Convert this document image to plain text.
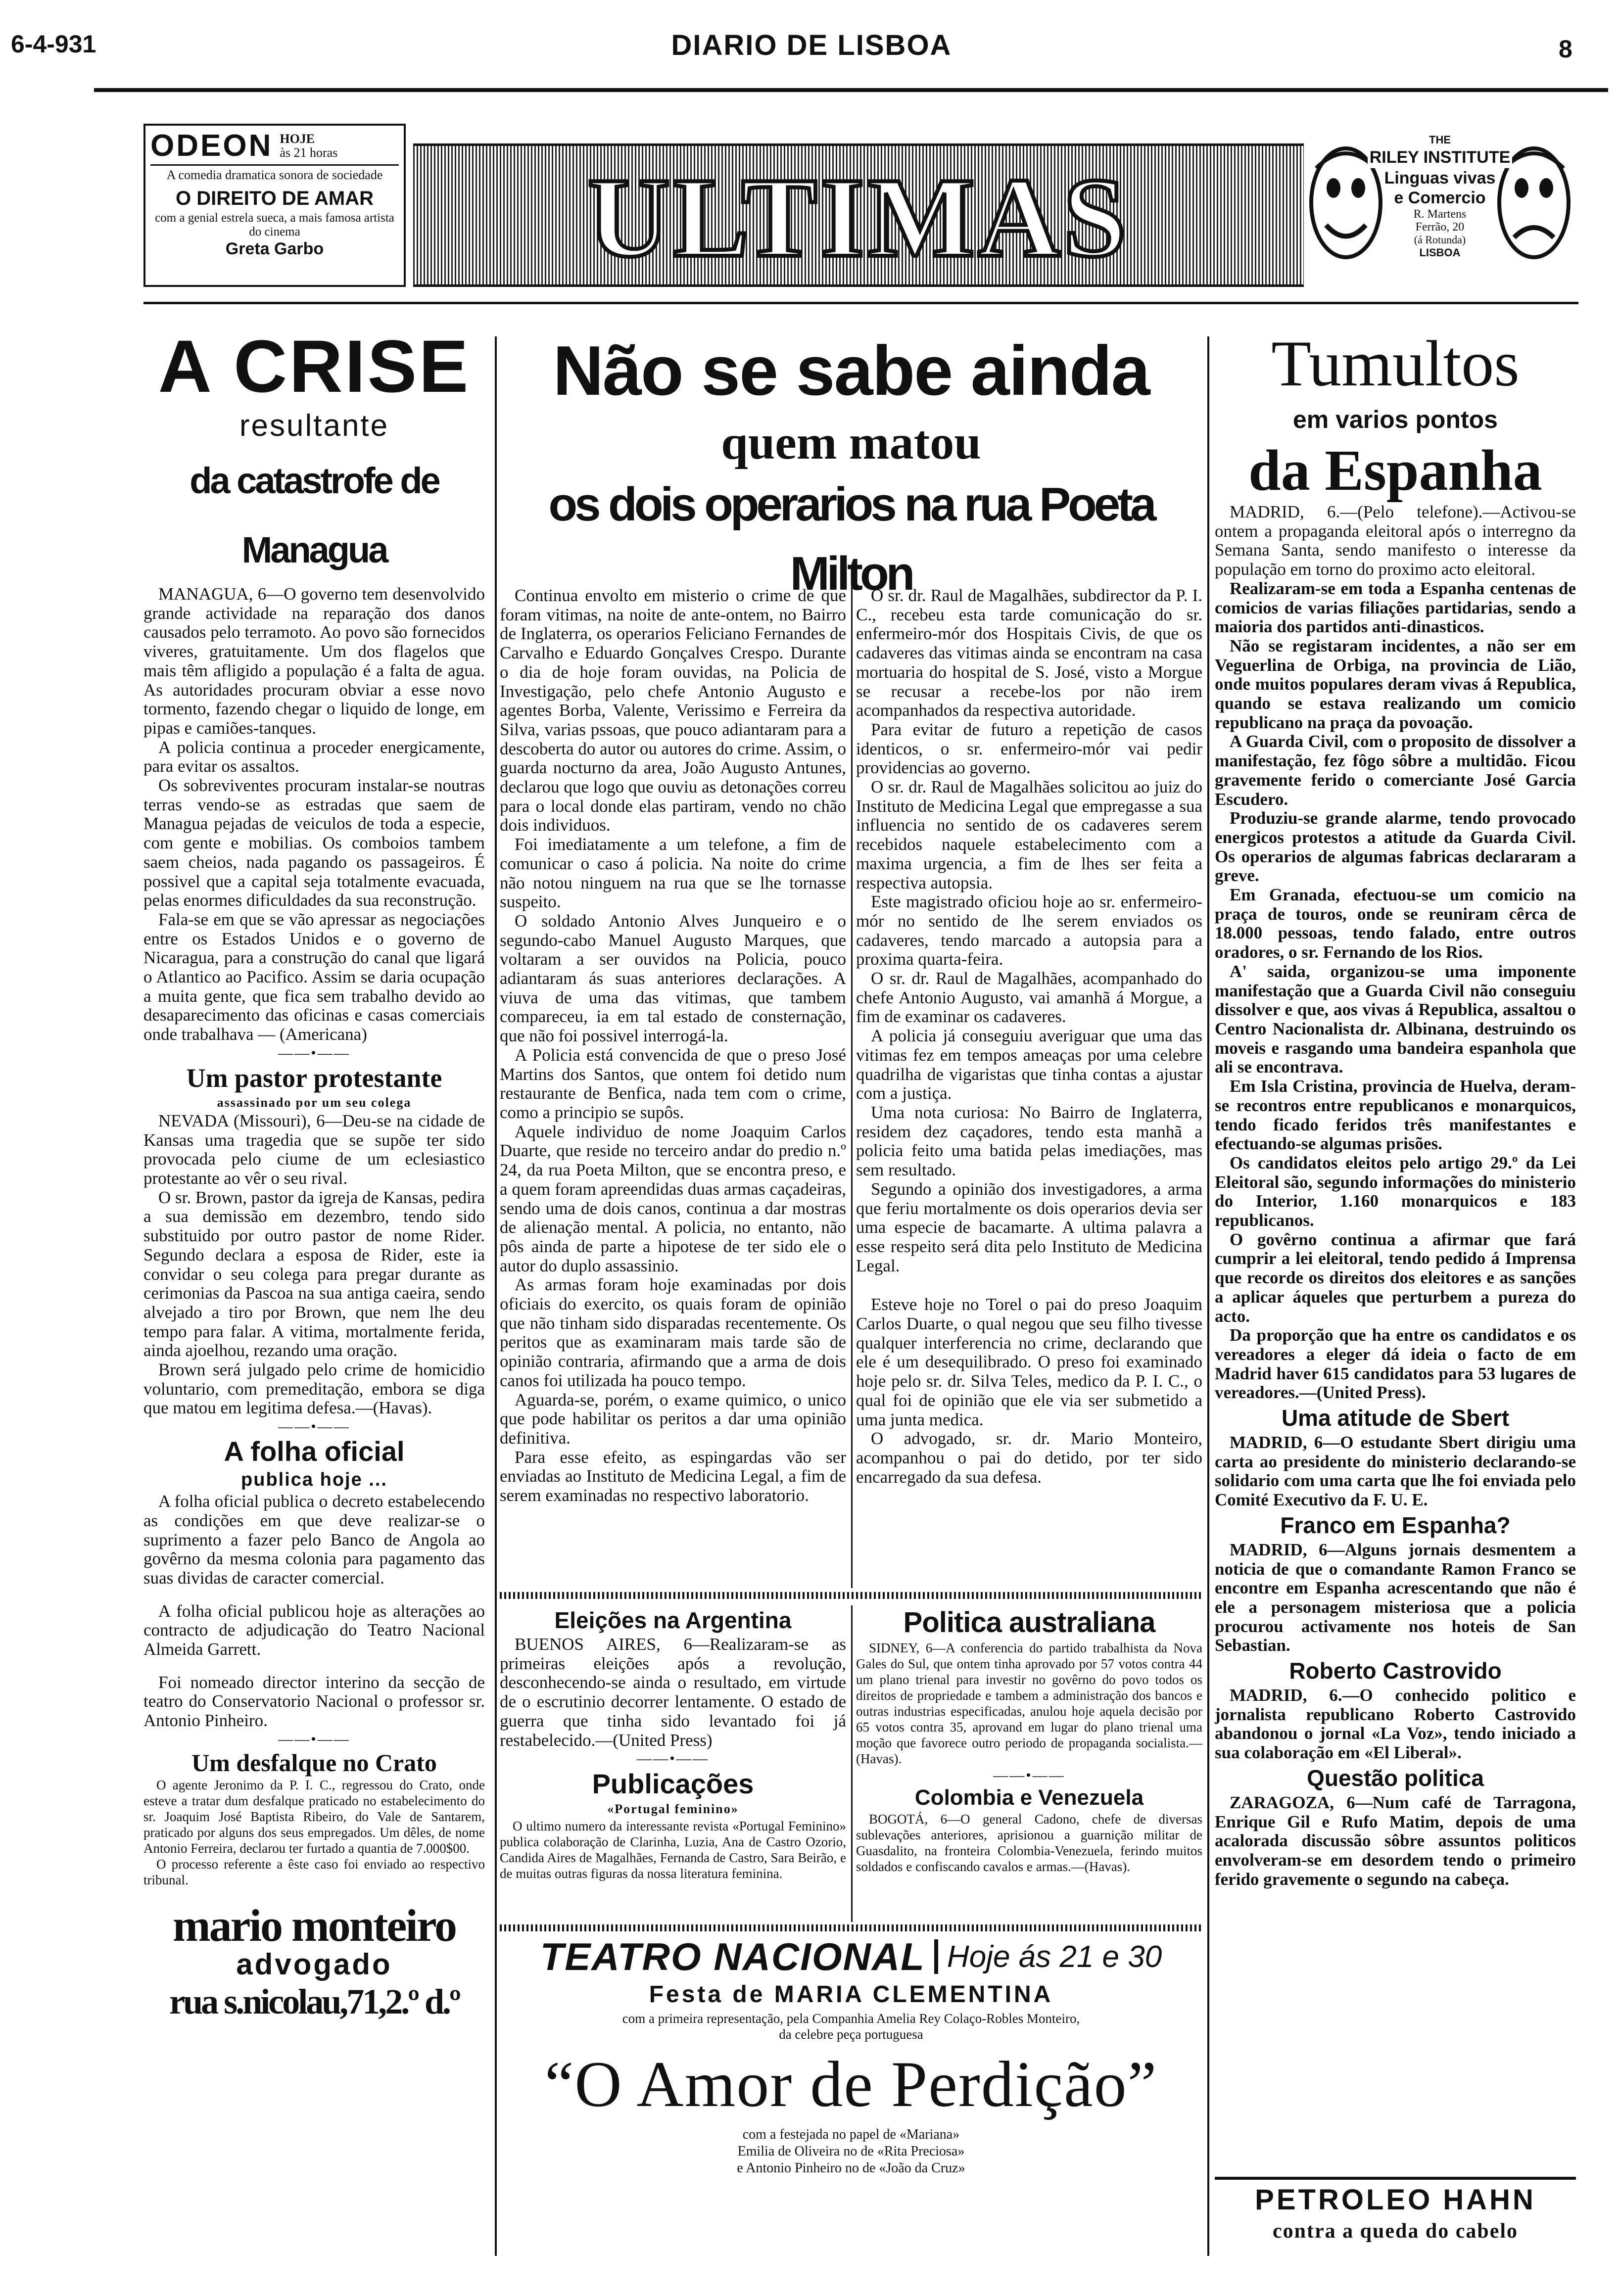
6-4-931	DIARIO DE LISBOA	8
ODEON HOJE
às 21 horas
A comedia dramatica sonora de sociedade
O DIREITO DE AMAR
com a genial estrela sueca, a mais famosa artista do cinema
Greta Garbo	ULTIMAS
THE
RILEY INSTITUTE
Linguas vivas
e Comercio
R. Martens
Ferrão, 20
(á Rotunda)
LISBOA
A CRISE
resultante
da catastrofe de Managua

MANAGUA, 6—O governo tem desenvolvido grande actividade na reparação dos danos causados pelo terramoto. Ao povo são fornecidos viveres, gratuitamente. Um dos flagelos que mais têm afligido a população é a falta de agua. As autoridades procuram obviar a esse novo tormento, fazendo chegar o liquido de longe, em pipas e camiões-tanques.

A policia continua a proceder energicamente, para evitar os assaltos.

Os sobreviventes procuram instalar-se noutras terras vendo-se as estradas que saem de Managua pejadas de veiculos de toda a especie, com gente e mobilias. Os comboios tambem saem cheios, nada pagando os passageiros. É possivel que a capital seja totalmente evacuada, pelas enormes dificuldades da sua reconstrução.

Fala-se em que se vão apressar as negociações entre os Estados Unidos e o governo de Nicaragua, para a construção do canal que ligará o Atlantico ao Pacifico. Assim se daria ocupação a muita gente, que fica sem trabalho devido ao desaparecimento das oficinas e casas comerciais onde trabalhava — (Americana)

——•——
Um pastor protestante
assassinado por um seu colega

NEVADA (Missouri), 6—Deu-se na cidade de Kansas uma tragedia que se supõe ter sido provocada pelo ciume de um eclesiastico protestante ao vêr o seu rival.

O sr. Brown, pastor da igreja de Kansas, pedira a sua demissão em dezembro, tendo sido substituido por outro pastor de nome Rider. Segundo declara a esposa de Rider, este ia convidar o seu colega para pregar durante as cerimonias da Pascoa na sua antiga caeira, sendo alvejado a tiro por Brown, que nem lhe deu tempo para falar. A vitima, mortalmente ferida, ainda ajoelhou, rezando uma oração.

Brown será julgado pelo crime de homicidio voluntario, com premeditação, embora se diga que matou em legitima defesa.—(Havas).

——•——
A folha oficial
publica hoje ...

A folha oficial publica o decreto estabelecendo as condições em que deve realizar-se o suprimento a fazer pelo Banco de Angola ao govêrno da mesma colonia para pagamento das suas dividas de caracter comercial.

A folha oficial publicou hoje as alterações ao contracto de adjudicação do Teatro Nacional Almeida Garrett.

Foi nomeado director interino da secção de teatro do Conservatorio Nacional o professor sr. Antonio Pinheiro.

——•——
Um desfalque no Crato

O agente Jeronimo da P. I. C., regressou do Crato, onde esteve a tratar dum desfalque praticado no estabelecimento do sr. Joaquim José Baptista Ribeiro, do Vale de Santarem, praticado por alguns dos seus empregados. Um dêles, de nome Antonio Ferreira, declarou ter furtado a quantia de 7.000$00.

O processo referente a êste caso foi enviado ao respectivo tribunal.

mario monteiro
advogado
rua s.nicolau,71,2.º d.º
Não se sabe ainda
quem matou
os dois operarios na rua Poeta Milton

Continua envolto em misterio o crime de que foram vitimas, na noite de ante-ontem, no Bairro de Inglaterra, os operarios Feliciano Fernandes de Carvalho e Eduardo Gonçalves Crespo. Durante o dia de hoje foram ouvidas, na Policia de Investigação, pelo chefe Antonio Augusto e agentes Borba, Valente, Verissimo e Ferreira da Silva, varias pssoas, que pouco adiantaram para a descoberta do autor ou autores do crime. Assim, o guarda nocturno da area, João Augusto Antunes, declarou que logo que ouviu as detonações correu para o local donde elas partiram, vendo no chão dois individuos.

Foi imediatamente a um telefone, a fim de comunicar o caso á policia. Na noite do crime não notou ninguem na rua que se lhe tornasse suspeito.

O soldado Antonio Alves Junqueiro e o segundo-cabo Manuel Augusto Marques, que voltaram a ser ouvidos na Policia, pouco adiantaram ás suas anteriores declarações. A viuva de uma das vitimas, que tambem compareceu, ia em tal estado de consternação, que não foi possivel interrogá-la.

A Policia está convencida de que o preso José Martins dos Santos, que ontem foi detido num restaurante de Benfica, nada tem com o crime, como a principio se supôs.

Aquele individuo de nome Joaquim Carlos Duarte, que reside no terceiro andar do predio n.º 24, da rua Poeta Milton, que se encontra preso, e a quem foram apreendidas duas armas caçadeiras, sendo uma de dois canos, continua a dar mostras de alienação mental. A policia, no entanto, não pôs ainda de parte a hipotese de ter sido ele o autor do duplo assassinio.

As armas foram hoje examinadas por dois oficiais do exercito, os quais foram de opinião que não tinham sido disparadas recentemente. Os peritos que as examinaram mais tarde são de opinião contraria, afirmando que a arma de dois canos foi utilizada ha pouco tempo.

Aguarda-se, porém, o exame quimico, o unico que pode habilitar os peritos a dar uma opinião definitiva.

Para esse efeito, as espingardas vão ser enviadas ao Instituto de Medicina Legal, a fim de serem examinadas no respectivo laboratorio.

O sr. dr. Raul de Magalhães, subdirector da P. I. C., recebeu esta tarde comunicação do sr. enfermeiro-mór dos Hospitais Civis, de que os cadaveres das vitimas ainda se encontram na casa mortuaria do hospital de S. José, visto a Morgue se recusar a recebe-los por não irem acompanhados da respectiva autoridade.

Para evitar de futuro a repetição de casos identicos, o sr. enfermeiro-mór vai pedir providencias ao governo.

O sr. dr. Raul de Magalhães solicitou ao juiz do Instituto de Medicina Legal que empregasse a sua influencia no sentido de os cadaveres serem recebidos naquele estabelecimento com a maxima urgencia, a fim de lhes ser feita a respectiva autopsia.

Este magistrado oficiou hoje ao sr. enfermeiro-mór no sentido de lhe serem enviados os cadaveres, tendo marcado a autopsia para a proxima quarta-feira.

O sr. dr. Raul de Magalhães, acompanhado do chefe Antonio Augusto, vai amanhã á Morgue, a fim de examinar os cadaveres.

A policia já conseguiu averiguar que uma das vitimas fez em tempos ameaças por uma celebre quadrilha de vigaristas que tinha contas a ajustar com a justiça.

Uma nota curiosa: No Bairro de Inglaterra, residem dez caçadores, tendo esta manhã a policia feito uma batida pelas imediações, mas sem resultado.

Segundo a opinião dos investigadores, a arma que feriu mortalmente os dois operarios devia ser uma especie de bacamarte. A ultima palavra a esse respeito será dita pelo Instituto de Medicina Legal.

Esteve hoje no Torel o pai do preso Joaquim Carlos Duarte, o qual negou que seu filho tivesse qualquer interferencia no crime, declarando que ele é um desequilibrado. O preso foi examinado hoje pelo sr. dr. Silva Teles, medico da P. I. C., o qual foi de opinião que ele via ser submetido a uma junta medica.

O advogado, sr. dr. Mario Monteiro, acompanhou o pai do detido, por ter sido encarregado da sua defesa.

Eleições na Argentina

BUENOS AIRES, 6—Realizaram-se as primeiras eleições após a revolução, desconhecendo-se ainda o resultado, em virtude de o escrutinio decorrer lentamente. O estado de guerra que tinha sido levantado foi já restabelecido.—(United Press)

——•——
Publicações
«Portugal feminino»

O ultimo numero da interessante revista «Portugal Feminino» publica colaboração de Clarinha, Luzia, Ana de Castro Ozorio, Candida Aires de Magalhães, Fernanda de Castro, Sara Beirão, e de muitas outras figuras da nossa literatura feminina.

Politica australiana

SIDNEY, 6—A conferencia do partido trabalhista da Nova Gales do Sul, que ontem tinha aprovado por 57 votos contra 44 um plano trienal para investir no govêrno do povo todos os direitos de propriedade e tambem a administração dos bancos e outras industrias especificadas, anulou hoje aquela decisão por 65 votos contra 35, aprovand em lugar do plano trienal uma moção que favorece outro periodo de propaganda socialista.—(Havas).

——•——
Colombia e Venezuela

BOGOTÁ, 6—O general Cadono, chefe de diversas sublevações anteriores, aprisionou a guarnição militar de Guasdalito, na fronteira Colombia-Venezuela, ferindo muitos soldados e confiscando cavalos e armas.—(Havas).

TEATRO NACIONAL Hoje ás 21 e 30
Festa de MARIA CLEMENTINA
com a primeira representação, pela Companhia Amelia Rey Colaço-Robles Monteiro,
da celebre peça portuguesa
“O Amor de Perdição”
com a festejada no papel de «Mariana»
Emilia de Oliveira no de «Rita Preciosa»
e Antonio Pinheiro no de «João da Cruz»
Tumultos
em varios pontos
da Espanha

MADRID, 6.—(Pelo telefone).—Activou-se ontem a propaganda eleitoral após o interregno da Semana Santa, sendo manifesto o interesse da população em torno do proximo acto eleitoral.

Realizaram-se em toda a Espanha centenas de comicios de varias filiações partidarias, sendo a maioria dos partidos anti-dinasticos.

Não se registaram incidentes, a não ser em Veguerlina de Orbiga, na provincia de Lião, onde muitos populares deram vivas á Republica, quando se estava realizando um comicio republicano na praça da povoação.

A Guarda Civil, com o proposito de dissolver a manifestação, fez fôgo sôbre a multidão. Ficou gravemente ferido o comerciante José Garcia Escudero.

Produziu-se grande alarme, tendo provocado energicos protestos a atitude da Guarda Civil. Os operarios de algumas fabricas declararam a greve.

Em Granada, efectuou-se um comicio na praça de touros, onde se reuniram cêrca de 18.000 pessoas, tendo falado, entre outros oradores, o sr. Fernando de los Rios.

A' saida, organizou-se uma imponente manifestação que a Guarda Civil não conseguiu dissolver e que, aos vivas á Republica, assaltou o Centro Nacionalista dr. Albinana, destruindo os moveis e rasgando uma bandeira espanhola que ali se encontrava.

Em Isla Cristina, provincia de Huelva, deram-se recontros entre republicanos e monarquicos, tendo ficado feridos três manifestantes e efectuando-se algumas prisões.

Os candidatos eleitos pelo artigo 29.º da Lei Eleitoral são, segundo informações do ministerio do Interior, 1.160 monarquicos e 183 republicanos.

O govêrno continua a afirmar que fará cumprir a lei eleitoral, tendo pedido á Imprensa que recorde os direitos dos eleitores e as sanções a aplicar áqueles que perturbem a pureza do acto.

Da proporção que ha entre os candidatos e os vereadores a eleger dá ideia o facto de em Madrid haver 615 candidatos para 53 lugares de vereadores.—(United Press).

Uma atitude de Sbert

MADRID, 6—O estudante Sbert dirigiu uma carta ao presidente do ministerio declarando-se solidario com uma carta que lhe foi enviada pelo Comité Executivo da F. U. E.

Franco em Espanha?

MADRID, 6—Alguns jornais desmentem a noticia de que o comandante Ramon Franco se encontre em Espanha acrescentando que não é ele a personagem misteriosa que a policia procurou activamente nos hoteis de San Sebastian.

Roberto Castrovido

MADRID, 6.—O conhecido politico e jornalista republicano Roberto Castrovido abandonou o jornal «La Voz», tendo iniciado a sua colaboração em «El Liberal».

Questão politica

ZARAGOZA, 6—Num café de Tarragona, Enrique Gil e Rufo Matim, depois de uma acalorada discussão sôbre assuntos politicos envolveram-se em desordem tendo o primeiro ferido gravemente o segundo na cabeça.

PETROLEO HAHN
contra a queda do cabelo
